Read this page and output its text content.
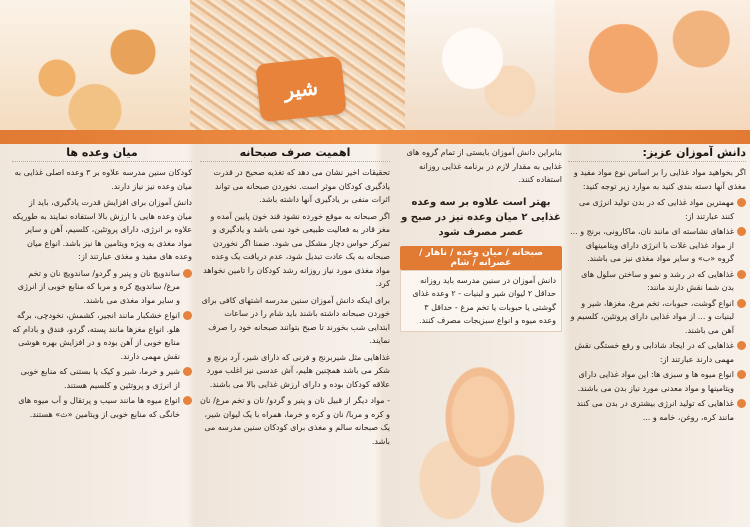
شیر
دانش آموزان عزیز:
اگر بخواهید مواد غذایی را بر اساس نوع مواد مفید و مغذی آنها دسته بندی کنید به موارد زیر توجه کنید:
مهمترین مواد غذایی که در بدن تولید انرژی می کنند عبارتند از:
غذاهای نشاسته ای مانند نان، ماکارونی، برنج و ... از مواد غذایی غلات با انرژی دارای ویتامینهای گروه «ب» و سایر مواد مغذی نیز می باشند.
غذاهایی که در رشد و نمو و ساختن سلول های بدن شما نقش دارند مانند:
انواع گوشت، حبوبات، تخم مرغ، مغزها، شیر و لبنیات و ... از مواد غذایی دارای پروتئین، کلسیم و آهن می باشند.
غذاهایی که در ایجاد شادابی و رفع خستگی نقش مهمی دارند عبارتند از:
انواع میوه ها و سبزی ها: این مواد غذایی دارای ویتامینها و مواد معدنی مورد نیاز بدن می باشند.
غذاهایی که تولید انرژی بیشتری در بدن می کنند مانند کره، روغن، خامه و ...
بنابراین دانش آموزان بایستی از تمام گروه های غذایی به مقدار لازم در برنامه غذایی روزانه استفاده کنند.
بهتر است علاوه بر سه وعده غذایی ۲ میان وعده نیز در صبح و عصر مصرف شود
صبحانه / میان وعده / ناهار / عصرانه / شام
دانش آموزان در سنین مدرسه باید روزانه حداقل ۲ لیوان شیر و لبنیات - ۲ وعده غذای گوشتی یا حبوبات یا تخم مرغ - حداقل ۳ وعده میوه و انواع سبزیجات مصرف کنند.
اهمیت صرف صبحانه
تحقیقات اخیر نشان می دهد که تغذیه صحیح در قدرت یادگیری کودکان موثر است. نخوردن صبحانه می تواند اثرات منفی بر یادگیری آنها داشته باشد.
اگر صبحانه به موقع خورده نشود قند خون پایین آمده و مغز قادر به فعالیت طبیعی خود نمی باشد و یادگیری و تمرکز حواس دچار مشکل می شود. ضمنا اگر نخوردن صبحانه به یک عادت تبدیل شود، عدم دریافت یک وعده مواد مغذی مورد نیاز روزانه رشد کودکان را تامین نخواهد کرد.
برای اینکه دانش آموزان سنین مدرسه اشتهای کافی برای خوردن صبحانه داشته باشند باید شام را در ساعات ابتدایی شب بخورند تا صبح بتوانند صبحانه خود را صرف نمایند.
غذاهایی مثل شیربرنج و فرنی که دارای شیر، آرد برنج و شکر می باشد همچنین هلیم، آش عدسی نیز اغلب مورد علاقه کودکان بوده و دارای ارزش غذایی بالا می باشند.
- مواد دیگر از قبیل نان و پنیر و گردو/ نان و تخم مرغ/ نان و کره و مربا/ نان و کره و خرما، همراه با یک لیوان شیر، یک صبحانه سالم و مغذی برای کودکان سنین مدرسه می باشد.
میان وعده ها
کودکان سنین مدرسه علاوه بر ۳ وعده اصلی غذایی به میان وعده نیز نیاز دارند.
دانش آموزان برای افزایش قدرت یادگیری، باید از میان وعده هایی با ارزش بالا استفاده نمایند به طوریکه علاوه بر انرژی، دارای پروتئین، کلسیم، آهن و سایر مواد مغذی به ویژه ویتامین ها نیز باشد. انواع میان وعده های مفید و مغذی عبارتند از:
ساندویچ نان و پنیر و گردو/ ساندویچ نان و تخم مرغ/ ساندویچ کره و مربا که منابع خوبی از انرژی و سایر مواد مغذی می باشند.
انواع خشکبار مانند انجیر، کشمش، نخودچی، برگه هلو. انواع مغزها مانند پسته، گردو، فندق و بادام که منابع خوبی از آهن بوده و در افزایش بهره هوشی نقش مهمی دارند.
شیر و خرما، شیر و کیک یا بستنی که منابع خوبی از انرژی و پروتئین و کلسیم هستند.
انواع میوه ها مانند سیب و پرتقال و آب میوه های خانگی که منابع خوبی از ویتامین «ث» هستند.
